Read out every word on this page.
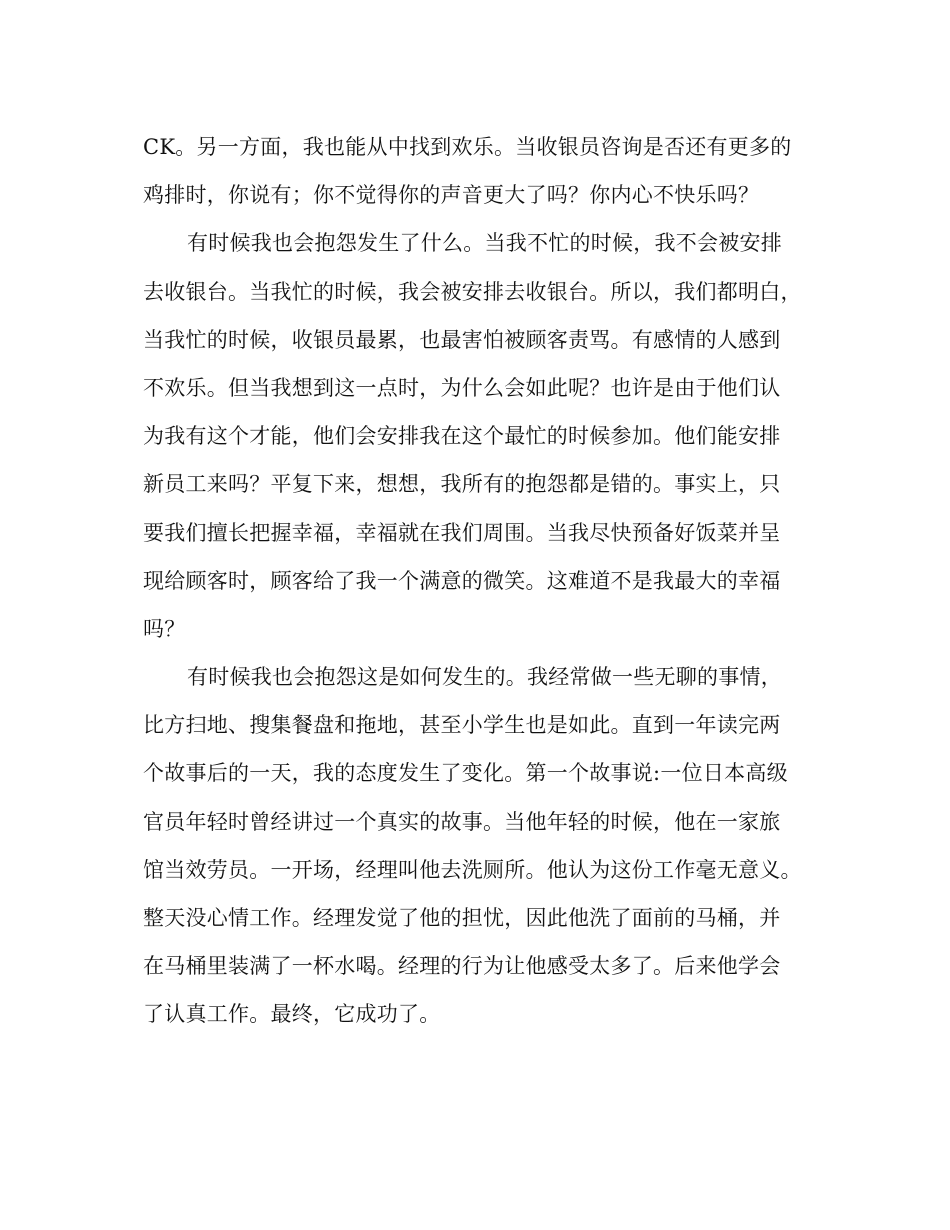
CK。另一方面，我也能从中找到欢乐。当收银员咨询是否还有更多的
鸡排时，你说有；你不觉得你的声音更大了吗？你内心不快乐吗？
有时候我也会抱怨发生了什么。当我不忙的时候，我不会被安排
去收银台。当我忙的时候，我会被安排去收银台。所以，我们都明白，
当我忙的时候，收银员最累，也最害怕被顾客责骂。有感情的人感到
不欢乐。但当我想到这一点时，为什么会如此呢？也许是由于他们认
为我有这个才能，他们会安排我在这个最忙的时候参加。他们能安排
新员工来吗？平复下来，想想，我所有的抱怨都是错的。事实上，只
要我们擅长把握幸福，幸福就在我们周围。当我尽快预备好饭菜并呈
现给顾客时，顾客给了我一个满意的微笑。这难道不是我最大的幸福
吗？
有时候我也会抱怨这是如何发生的。我经常做一些无聊的事情，
比方扫地、搜集餐盘和拖地，甚至小学生也是如此。直到一年读完两
个故事后的一天，我的态度发生了变化。第一个故事说:一位日本高级
官员年轻时曾经讲过一个真实的故事。当他年轻的时候，他在一家旅
馆当效劳员。一开场，经理叫他去洗厕所。他认为这份工作毫无意义。
整天没心情工作。经理发觉了他的担忧，因此他洗了面前的马桶，并
在马桶里装满了一杯水喝。经理的行为让他感受太多了。后来他学会
了认真工作。最终，它成功了。
